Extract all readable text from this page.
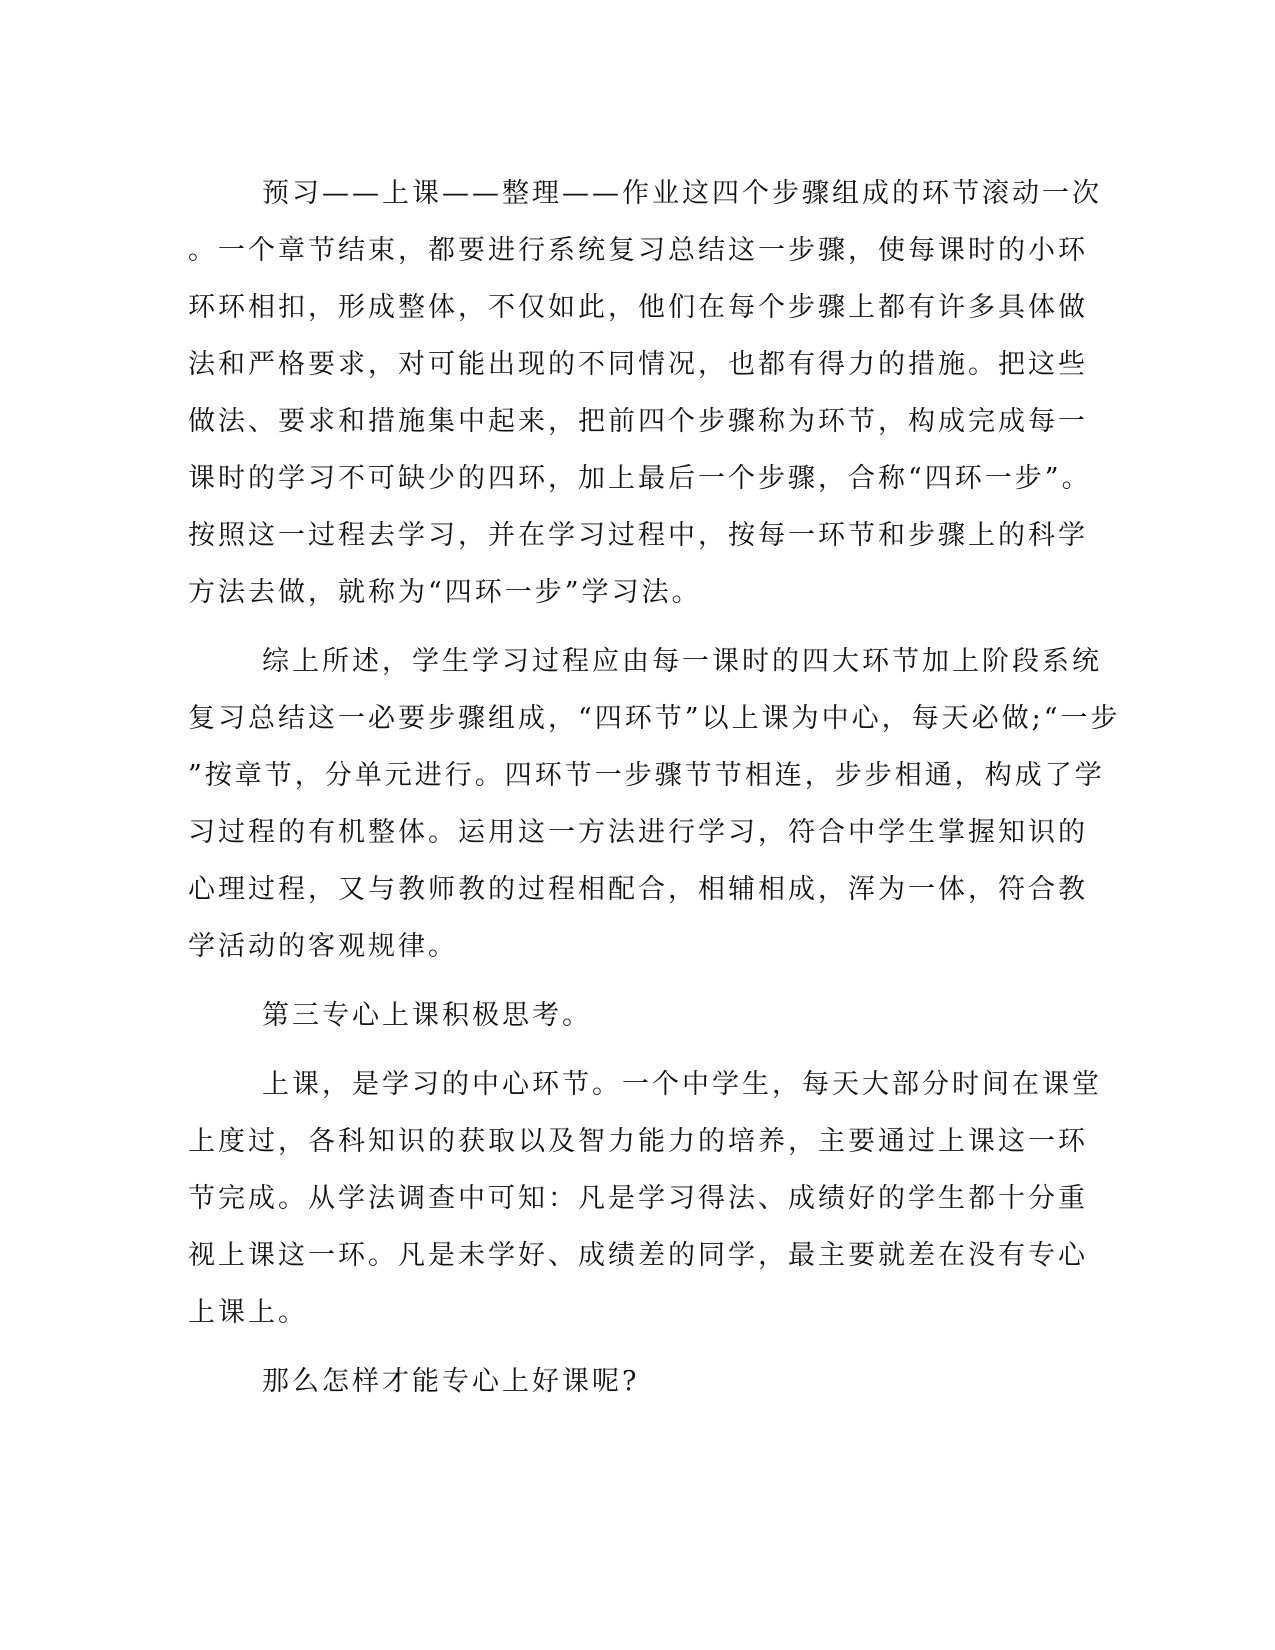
预习——上课——整理——作业这四个步骤组成的环节滚动一次
。一个章节结束，都要进行系统复习总结这一步骤，使每课时的小环
环环相扣，形成整体，不仅如此，他们在每个步骤上都有许多具体做
法和严格要求，对可能出现的不同情况，也都有得力的措施。把这些
做法、要求和措施集中起来，把前四个步骤称为环节，构成完成每一
课时的学习不可缺少的四环，加上最后一个步骤，合称“四环一步”。
按照这一过程去学习，并在学习过程中，按每一环节和步骤上的科学
方法去做，就称为“四环一步”学习法。
综上所述，学生学习过程应由每一课时的四大环节加上阶段系统
复习总结这一必要步骤组成，“四环节”以上课为中心，每天必做;“一步
”按章节，分单元进行。四环节一步骤节节相连，步步相通，构成了学
习过程的有机整体。运用这一方法进行学习，符合中学生掌握知识的
心理过程，又与教师教的过程相配合，相辅相成，浑为一体，符合教
学活动的客观规律。
第三专心上课积极思考。
上课，是学习的中心环节。一个中学生，每天大部分时间在课堂
上度过，各科知识的获取以及智力能力的培养，主要通过上课这一环
节完成。从学法调查中可知：凡是学习得法、成绩好的学生都十分重
视上课这一环。凡是未学好、成绩差的同学，最主要就差在没有专心
上课上。
那么怎样才能专心上好课呢?
